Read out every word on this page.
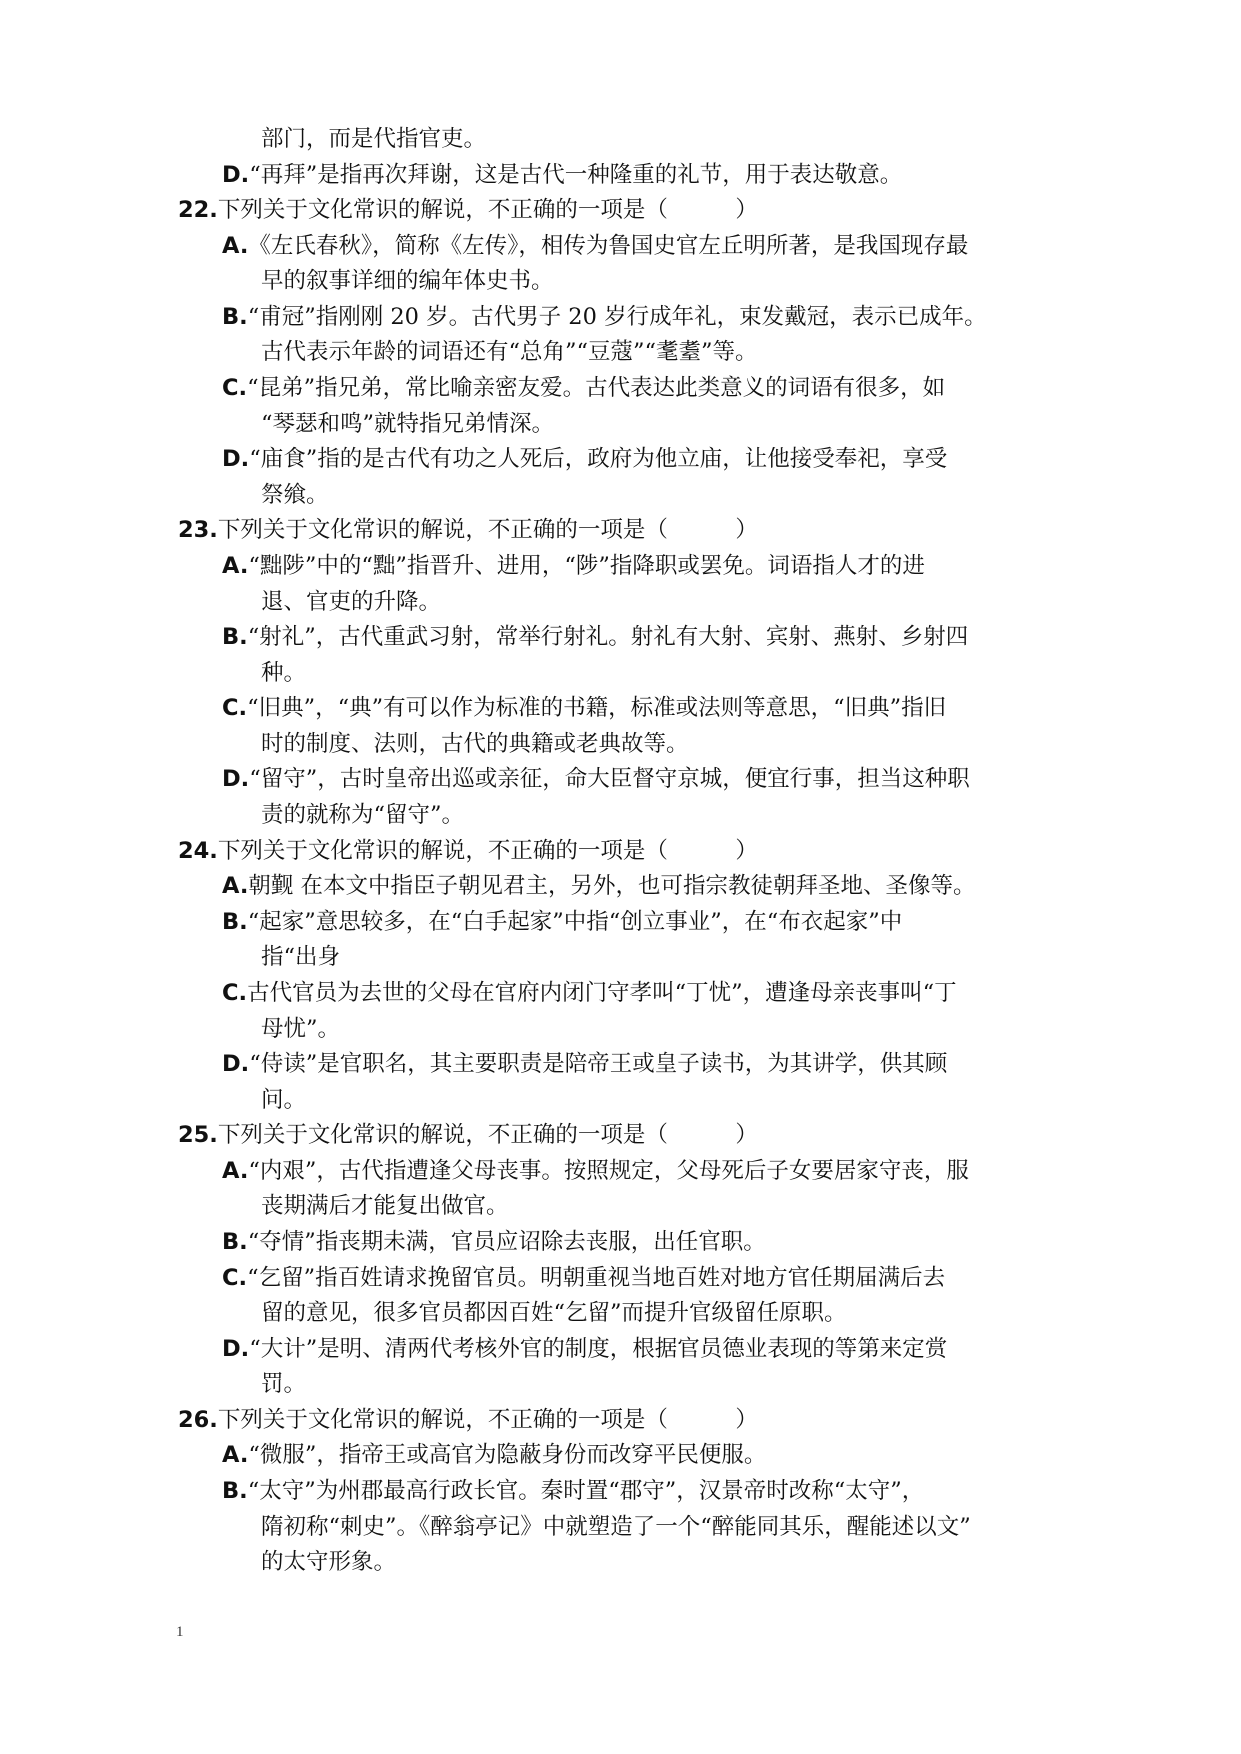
1
部门，而是代指官吏。
D.“再拜”是指再次拜谢，这是古代一种隆重的礼节，用于表达敬意。
22.下列关于文化常识的解说，不正确的一项是（　　　）
A.《左氏春秋》，简称《左传》，相传为鲁国史官左丘明所著，是我国现存最
早的叙事详细的编年体史书。
B.“甫冠”指刚刚 20 岁。古代男子 20 岁行成年礼，束发戴冠，表示已成年。
古代表示年龄的词语还有“总角”“豆蔻”“耄耋”等。
C.“昆弟”指兄弟，常比喻亲密友爱。古代表达此类意义的词语有很多，如
“琴瑟和鸣”就特指兄弟情深。
D.“庙食”指的是古代有功之人死后，政府为他立庙，让他接受奉祀，享受
祭飨。
23.下列关于文化常识的解说，不正确的一项是（　　　）
A.“黜陟”中的“黜”指晋升、进用，“陟”指降职或罢免。词语指人才的进
退、官吏的升降。
B.“射礼”，古代重武习射，常举行射礼。射礼有大射、宾射、燕射、乡射四
种。
C.“旧典”，“典”有可以作为标准的书籍，标准或法则等意思，“旧典”指旧
时的制度、法则，古代的典籍或老典故等。
D.“留守”，古时皇帝出巡或亲征，命大臣督守京城，便宜行事，担当这种职
责的就称为“留守”。
24.下列关于文化常识的解说，不正确的一项是（　　　）
A.朝觐 在本文中指臣子朝见君主，另外，也可指宗教徒朝拜圣地、圣像等。
B.“起家”意思较多，在“白手起家”中指“创立事业”，在“布衣起家”中
指“出身
C.古代官员为去世的父母在官府内闭门守孝叫“丁忧”，遭逢母亲丧事叫“丁
母忧”。
D.“侍读”是官职名，其主要职责是陪帝王或皇子读书，为其讲学，供其顾
问。
25.下列关于文化常识的解说，不正确的一项是（　　　）
A.“内艰”，古代指遭逢父母丧事。按照规定，父母死后子女要居家守丧，服
丧期满后才能复出做官。
B.“夺情”指丧期未满，官员应诏除去丧服，出任官职。
C.“乞留”指百姓请求挽留官员。明朝重视当地百姓对地方官任期届满后去
留的意见，很多官员都因百姓“乞留”而提升官级留任原职。
D.“大计”是明、清两代考核外官的制度，根据官员德业表现的等第来定赏
罚。
26.下列关于文化常识的解说，不正确的一项是（　　　）
A.“微服”，指帝王或高官为隐蔽身份而改穿平民便服。
B.“太守”为州郡最高行政长官。秦时置“郡守”，汉景帝时改称“太守”，
隋初称“刺史”。《醉翁亭记》中就塑造了一个“醉能同其乐，醒能述以文”
的太守形象。
